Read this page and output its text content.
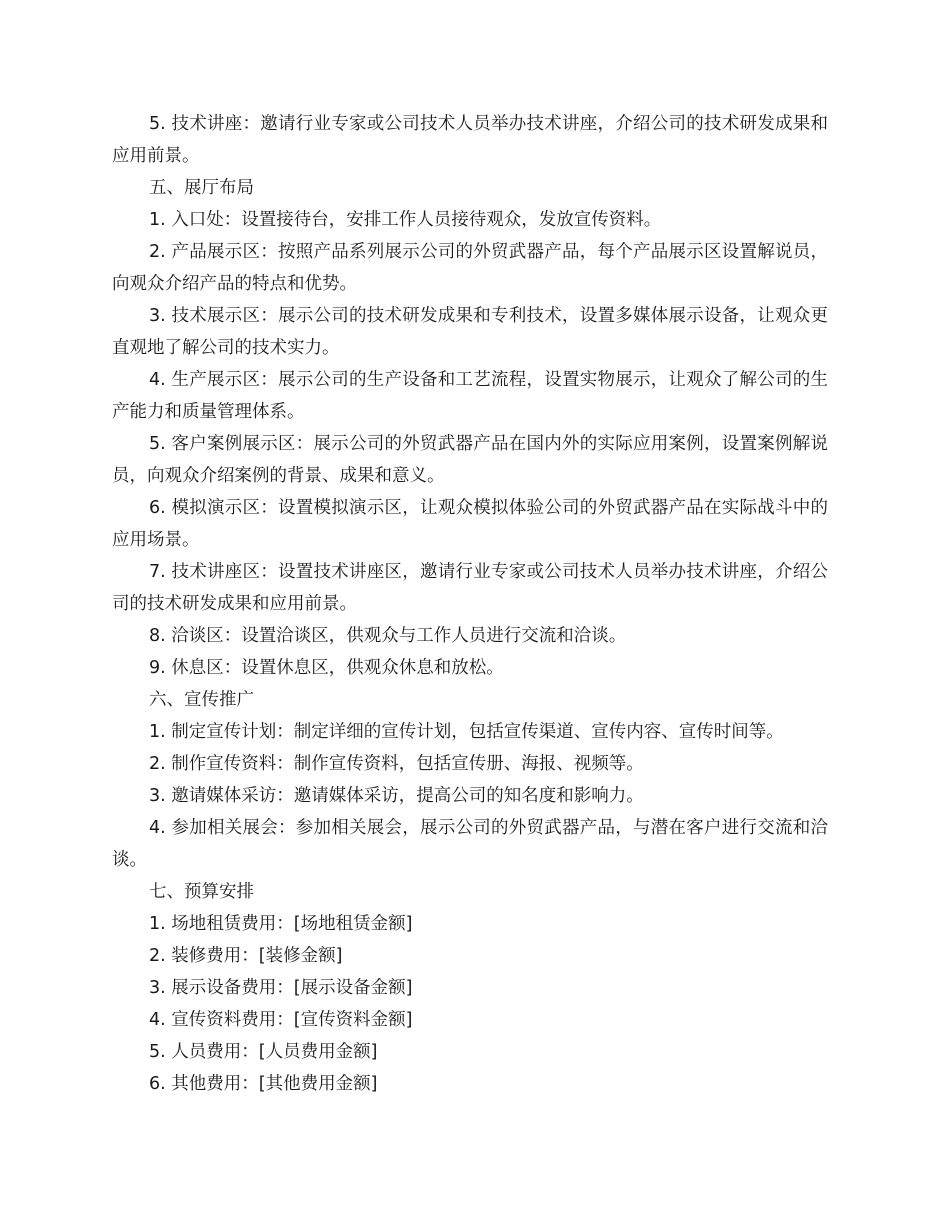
5. 技术讲座：邀请行业专家或公司技术人员举办技术讲座，介绍公司的技术研发成果和应用前景。

五、展厅布局

1. 入口处：设置接待台，安排工作人员接待观众，发放宣传资料。

2. 产品展示区：按照产品系列展示公司的外贸武器产品，每个产品展示区设置解说员，向观众介绍产品的特点和优势。

3. 技术展示区：展示公司的技术研发成果和专利技术，设置多媒体展示设备，让观众更直观地了解公司的技术实力。

4. 生产展示区：展示公司的生产设备和工艺流程，设置实物展示，让观众了解公司的生产能力和质量管理体系。

5. 客户案例展示区：展示公司的外贸武器产品在国内外的实际应用案例，设置案例解说员，向观众介绍案例的背景、成果和意义。

6. 模拟演示区：设置模拟演示区，让观众模拟体验公司的外贸武器产品在实际战斗中的应用场景。

7. 技术讲座区：设置技术讲座区，邀请行业专家或公司技术人员举办技术讲座，介绍公司的技术研发成果和应用前景。

8. 洽谈区：设置洽谈区，供观众与工作人员进行交流和洽谈。

9. 休息区：设置休息区，供观众休息和放松。

六、宣传推广

1. 制定宣传计划：制定详细的宣传计划，包括宣传渠道、宣传内容、宣传时间等。

2. 制作宣传资料：制作宣传资料，包括宣传册、海报、视频等。

3. 邀请媒体采访：邀请媒体采访，提高公司的知名度和影响力。

4. 参加相关展会：参加相关展会，展示公司的外贸武器产品，与潜在客户进行交流和洽谈。

七、预算安排

1. 场地租赁费用：[场地租赁金额]

2. 装修费用：[装修金额]

3. 展示设备费用：[展示设备金额]

4. 宣传资料费用：[宣传资料金额]

5. 人员费用：[人员费用金额]

6. 其他费用：[其他费用金额]
